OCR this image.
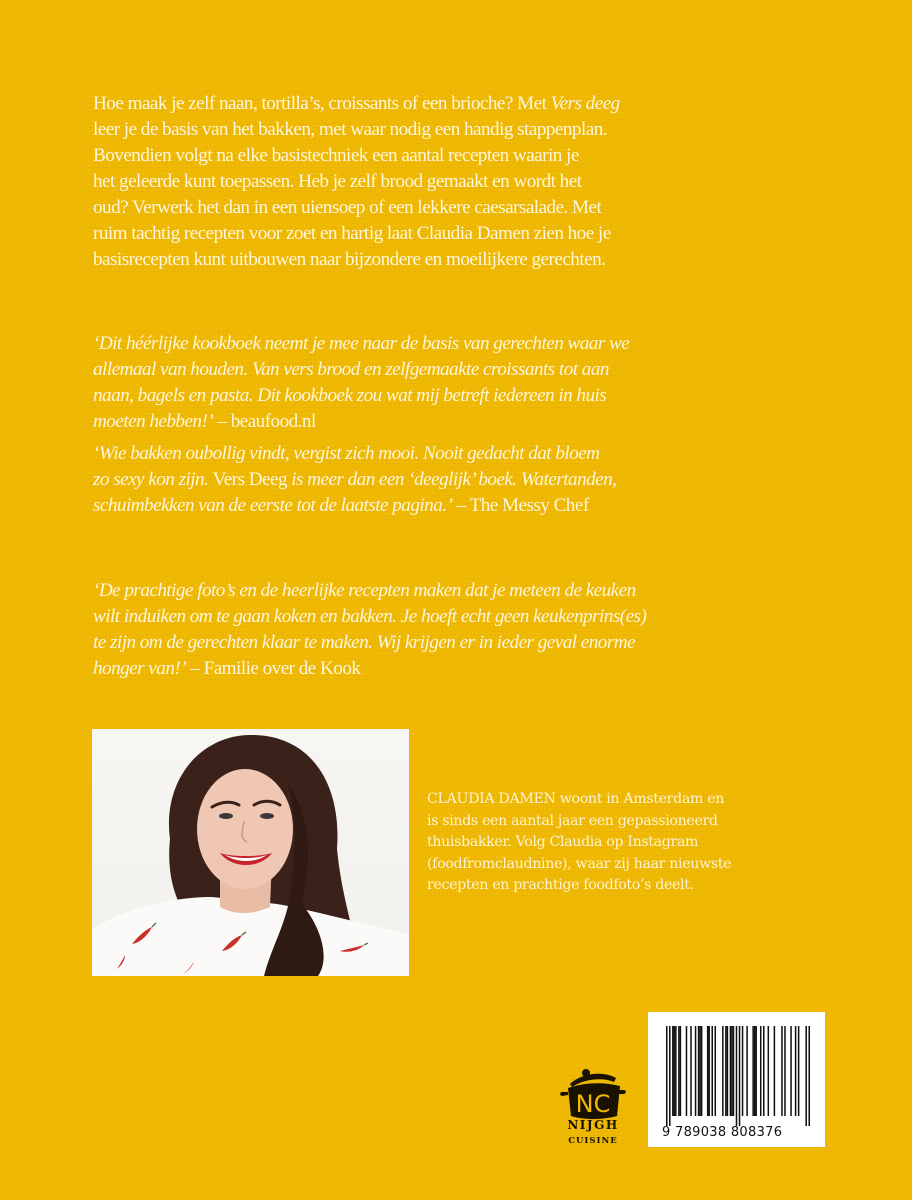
Hoe maak je zelf naan, tortilla’s, croissants of een brioche? Met Vers deeg
leer je de basis van het bakken, met waar nodig een handig stappenplan.
Bovendien volgt na elke basistechniek een aantal recepten waarin je
het geleerde kunt toepassen. Heb je zelf brood gemaakt en wordt het
oud? Verwerk het dan in een uiensoep of een lekkere caesarsalade. Met
ruim tachtig recepten voor zoet en hartig laat Claudia Damen zien hoe je
basisrecepten kunt uitbouwen naar bijzondere en moeilijkere gerechten.
‘Dit héérlijke kookboek neemt je mee naar de basis van gerechten waar we
allemaal van houden. Van vers brood en zelfgemaakte croissants tot aan
naan, bagels en pasta. Dit kookboek zou wat mij betreft iedereen in huis
moeten hebben!’ – beaufood.nl
‘Wie bakken oubollig vindt, vergist zich mooi. Nooit gedacht dat bloem
zo sexy kon zijn. Vers Deeg is meer dan een ‘deeglijk’ boek. Watertanden,
schuimbekken van de eerste tot de laatste pagina.’ – The Messy Chef
‘De prachtige foto’s en de heerlijke recepten maken dat je meteen de keuken
wilt induiken om te gaan koken en bakken. Je hoeft echt geen keukenprins(es)
te zijn om de gerechten klaar te maken. Wij krijgen er in ieder geval enorme
honger van!’ – Familie over de Kook
CLAUDIA DAMEN woont in Amsterdam en
is sinds een aantal jaar een gepassioneerd
thuisbakker. Volg Claudia op Instagram
(foodfromclaudnine), waar zij haar nieuwste
recepten en prachtige foodfoto’s deelt.
NC
NIJGH
CUISINE
9 789038 808376
